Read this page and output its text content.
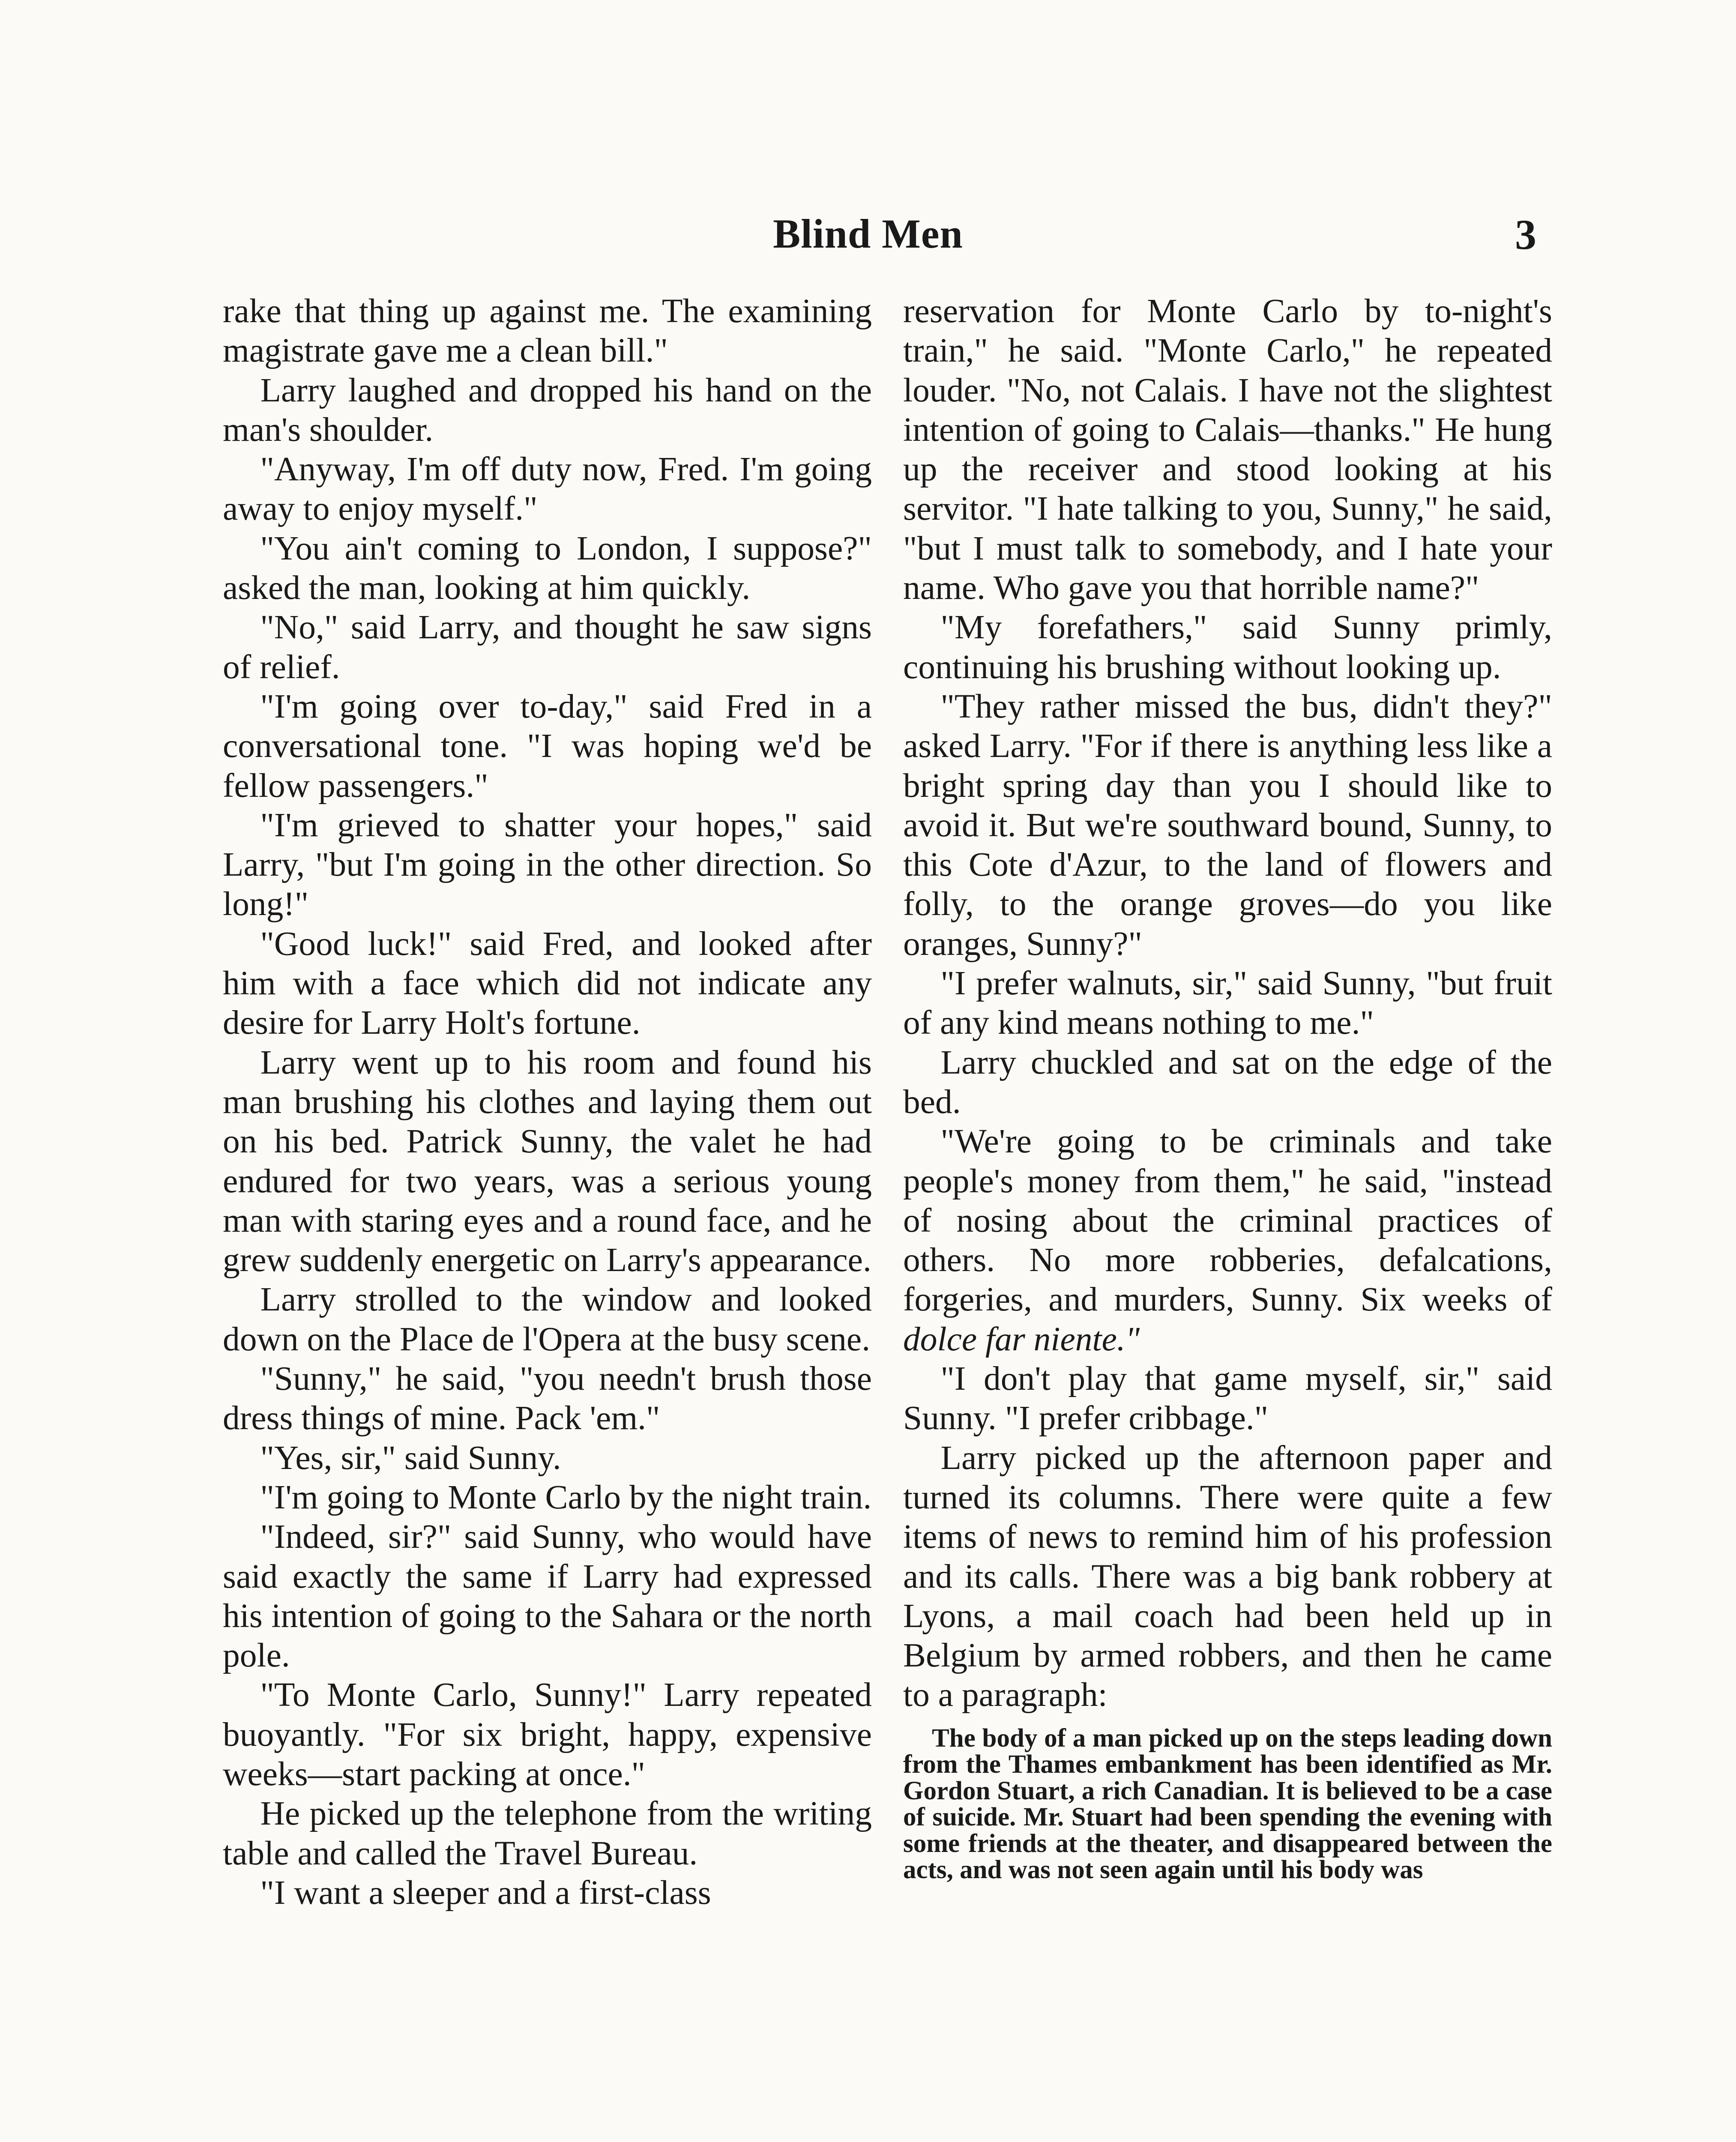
Blind Men	3

rake that thing up against me. The examining magistrate gave me a clean bill."

Larry laughed and dropped his hand on the man's shoulder.

"Anyway, I'm off duty now, Fred. I'm going away to enjoy myself."

"You ain't coming to London, I suppose?" asked the man, looking at him quickly.

"No," said Larry, and thought he saw signs of relief.

"I'm going over to-day," said Fred in a conversational tone. "I was hoping we'd be fellow passengers."

"I'm grieved to shatter your hopes," said Larry, "but I'm going in the other direction. So long!"

"Good luck!" said Fred, and looked after him with a face which did not indicate any desire for Larry Holt's fortune.

Larry went up to his room and found his man brushing his clothes and laying them out on his bed. Patrick Sunny, the valet he had endured for two years, was a serious young man with staring eyes and a round face, and he grew suddenly energetic on Larry's appearance.

Larry strolled to the window and looked down on the Place de l'Opera at the busy scene.

"Sunny," he said, "you needn't brush those dress things of mine. Pack 'em."

"Yes, sir," said Sunny.

"I'm going to Monte Carlo by the night train.

"Indeed, sir?" said Sunny, who would have said exactly the same if Larry had expressed his intention of going to the Sahara or the north pole.

"To Monte Carlo, Sunny!" Larry repeated buoyantly. "For six bright, happy, expensive weeks—start packing at once."

He picked up the telephone from the writing table and called the Travel Bureau.

"I want a sleeper and a first-class

reservation for Monte Carlo by to-night's train," he said. "Monte Carlo," he repeated louder. "No, not Calais. I have not the slightest intention of going to Calais—thanks." He hung up the receiver and stood looking at his servitor. "I hate talking to you, Sunny," he said, "but I must talk to somebody, and I hate your name. Who gave you that horrible name?"

"My forefathers," said Sunny primly, continuing his brushing without looking up.

"They rather missed the bus, didn't they?" asked Larry. "For if there is anything less like a bright spring day than you I should like to avoid it. But we're southward bound, Sunny, to this Cote d'Azur, to the land of flowers and folly, to the orange groves—do you like oranges, Sunny?"

"I prefer walnuts, sir," said Sunny, "but fruit of any kind means nothing to me."

Larry chuckled and sat on the edge of the bed.

"We're going to be criminals and take people's money from them," he said, "instead of nosing about the criminal practices of others. No more robberies, defalcations, forgeries, and murders, Sunny. Six weeks of dolce far niente."

"I don't play that game myself, sir," said Sunny. "I prefer cribbage."

Larry picked up the afternoon paper and turned its columns. There were quite a few items of news to remind him of his profession and its calls. There was a big bank robbery at Lyons, a mail coach had been held up in Belgium by armed robbers, and then he came to a paragraph:

The body of a man picked up on the steps leading down from the Thames embankment has been identified as Mr. Gordon Stuart, a rich Canadian. It is believed to be a case of suicide. Mr. Stuart had been spending the evening with some friends at the theater, and disappeared between the acts, and was not seen again until his body was
